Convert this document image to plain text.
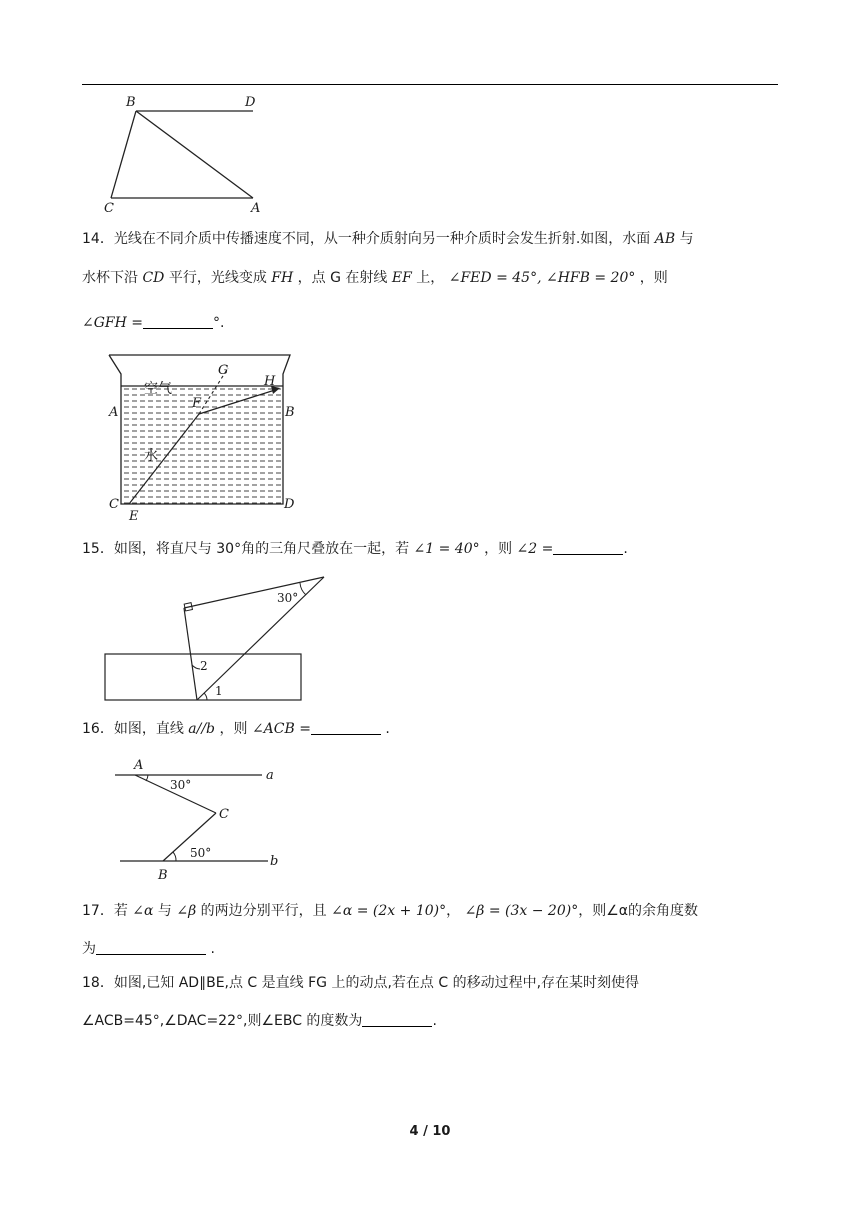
B	D
C	A
14．光线在不同介质中传播速度不同，从一种介质射向另一种介质时会发生折射.如图，水面 AB 与
水杯下沿 CD 平行，光线变成 FH ，点 G 在射线 EF 上， ∠FED = 45°, ∠HFB = 20° ，则
∠GFH =	°.
空气
水
G
H
A
F
B
C
E
D
15．如图，将直尺与 30°角的三角尺叠放在一起，若 ∠1 = 40° ，则 ∠2 =	.
30°
2
1
16．如图，直线 a//b ，则 ∠ACB =	.
A
30°
a
C
50°
B
b
17．若 ∠α 与 ∠β 的两边分别平行，且 ∠α = (2x + 10)°， ∠β = (3x − 20)°，则∠α的余角度数
为	.
18．如图,已知 AD∥BE,点 C 是直线 FG 上的动点,若在点 C 的移动过程中,存在某时刻使得
∠ACB=45°,∠DAC=22°,则∠EBC 的度数为	.
4 / 10
